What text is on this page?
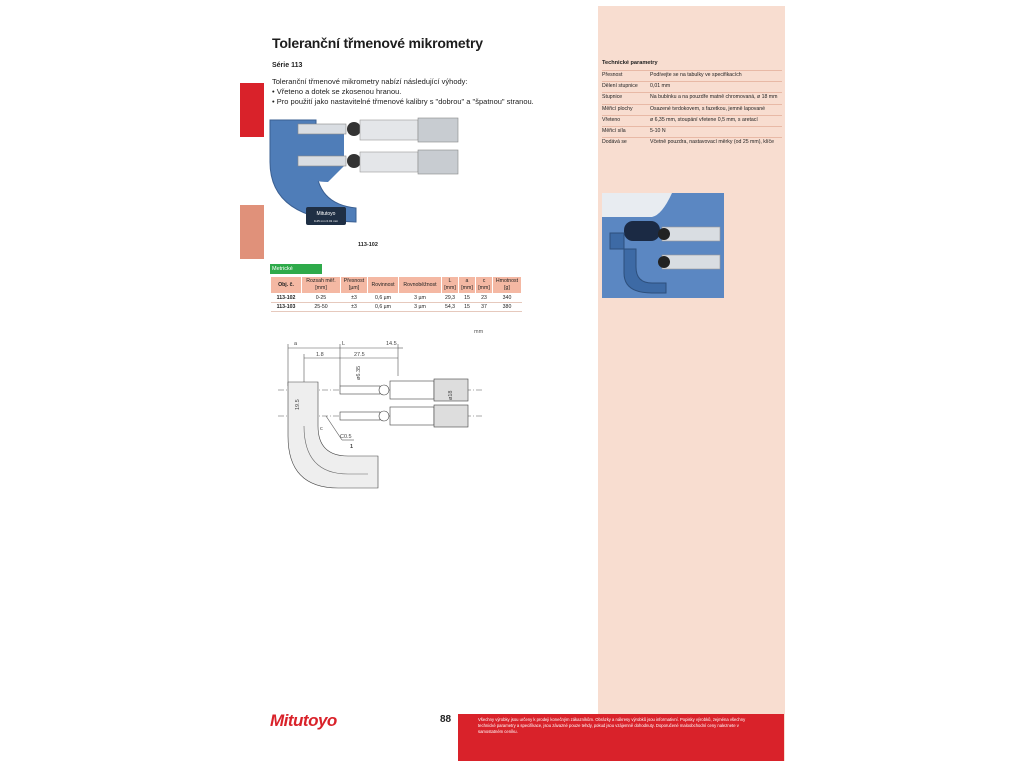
Toleranční třmenové mikrometry
Série 113
Toleranční třmenové mikrometry nabízí následující výhody:
• Vřeteno a dotek se zkosenou hranou.
• Pro použití jako nastavitelné třmenové kalibry s "dobrou" a "špatnou" stranou.
Mitutoyo
0-25 mm 0.01 mm
113-102
Metrické
Obj. č.	Rozsah měř. [mm]	Přesnost [µm]	Rovinnost	Rovnoběžnost	L [mm]	a [mm]	c [mm]	Hmotnost [g]
113-102	0-25	±3	0,6 µm	3 µm	29,3	15	23	340
113-103	25-50	±3	0,6 µm	3 µm	54,3	15	37	380
mm
a	L	14.5
1.8	27.5
ø6.35
ø18
19.5
c
C0.5
1
Technické parametry
Přesnost	Podívejte se na tabulky ve specifikacích
Dělení stupnice	0,01 mm
Stupnice	Na bubínku a na pouzdře matně chromovaná, ø 18 mm
Měřicí plochy	Osazené tvrdokovem, s fazetkou, jemně lapované
Vřeteno	ø 6,35 mm, stoupání vřetene 0,5 mm, s aretací
Měřicí síla	5-10 N
Dodává se	Včetně pouzdra, nastavovací měrky (od 25 mm), klíče
Mitutoyo	88	Všechny výrobky jsou určeny k prodeji konečným zákazníkům. Obrázky a nákresy výrobků jsou informativní. Popisky výrobků, zejména všechny technické parametry a specifikace, jsou závazné pouze tehdy, pokud jsou vzájemně dohodnuty. Doporučené maloobchodní ceny naleznete v samostatném ceníku.
